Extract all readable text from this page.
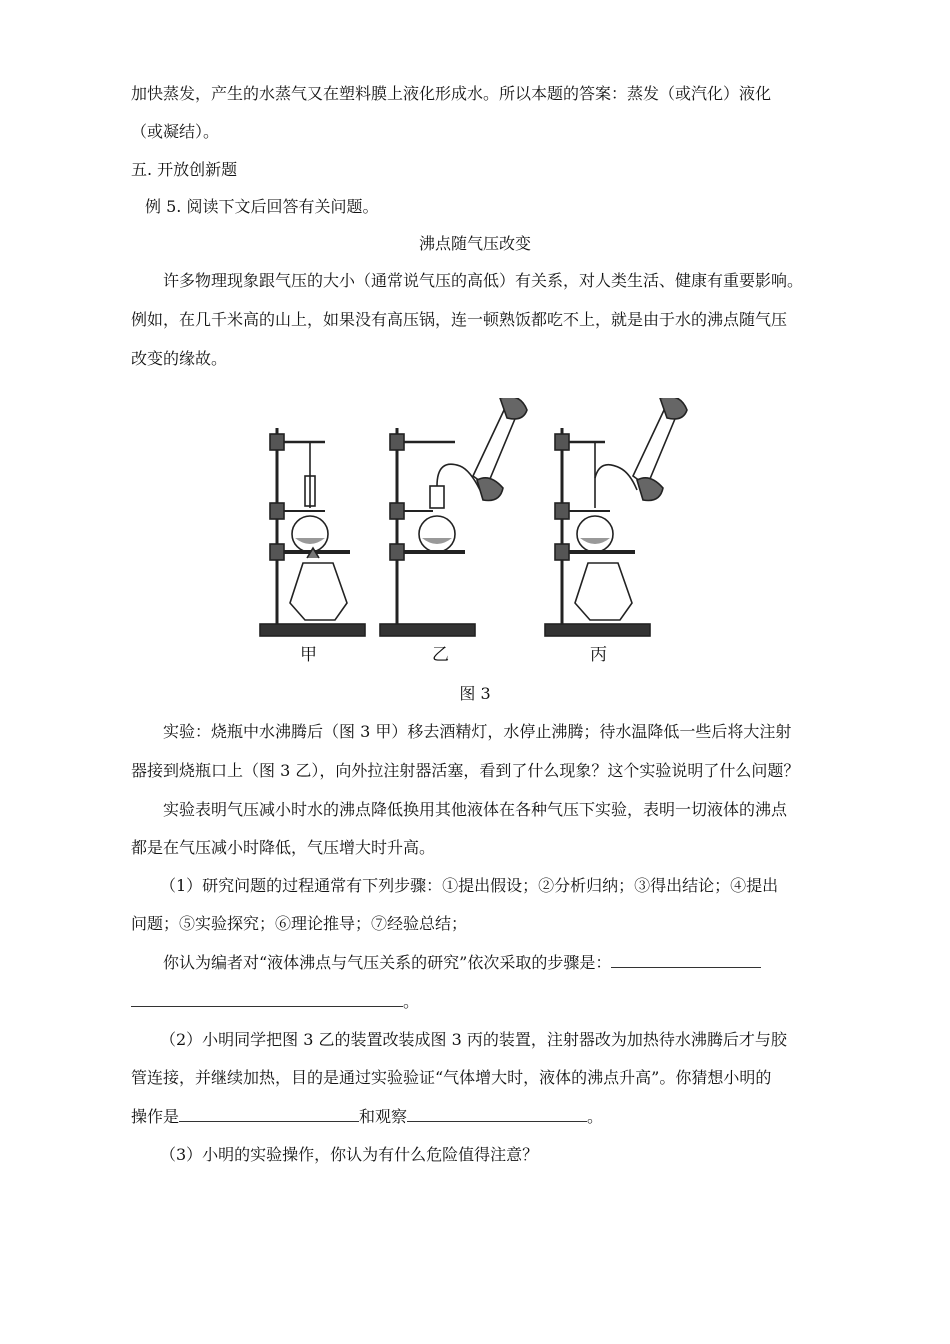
加快蒸发，产生的水蒸气又在塑料膜上液化形成水。所以本题的答案：蒸发（或汽化）液化
（或凝结）。
五. 开放创新题
例 5. 阅读下文后回答有关问题。
沸点随气压改变
许多物理现象跟气压的大小（通常说气压的高低）有关系，对人类生活、健康有重要影响。
例如，在几千米高的山上，如果没有高压锅，连一顿熟饭都吃不上，就是由于水的沸点随气压
改变的缘故。
甲	乙	丙
图 3
实验：烧瓶中水沸腾后（图 3 甲）移去酒精灯，水停止沸腾；待水温降低一些后将大注射
器接到烧瓶口上（图 3 乙），向外拉注射器活塞，看到了什么现象？这个实验说明了什么问题？
实验表明气压减小时水的沸点降低换用其他液体在各种气压下实验，表明一切液体的沸点
都是在气压减小时降低，气压增大时升高。
（1）研究问题的过程通常有下列步骤：①提出假设；②分析归纳；③得出结论；④提出
问题；⑤实验探究；⑥理论推导；⑦经验总结；
你认为编者对“液体沸点与气压关系的研究”依次采取的步骤是：
。
（2）小明同学把图 3 乙的装置改装成图 3 丙的装置，注射器改为加热待水沸腾后才与胶
管连接，并继续加热，目的是通过实验验证“气体增大时，液体的沸点升高”。你猜想小明的
操作是	和观察	。
（3）小明的实验操作，你认为有什么危险值得注意？
